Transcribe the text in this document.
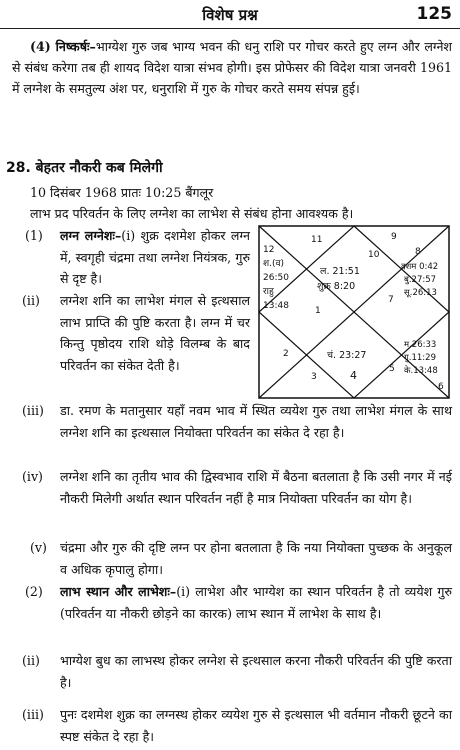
विशेष प्रश्न	125
(4) निष्कर्षः–भाग्येश गुरु जब भाग्य भवन की धनु राशि पर गोचर करते हुए लग्न और लग्नेश से संबंध करेगा तब ही शायद विदेश यात्रा संभव होगी। इस प्रोफेसर की विदेश यात्रा जनवरी 1961 में लग्नेश के समतुल्य अंश पर, धनुराशि में गुरु के गोचर करते समय संपन्न हुई।
28. बेहतर नौकरी कब मिलेगी
10 दिसंबर 1968 प्रातः 10:25 बैंगलूर
लाभ प्रद परिवर्तन के लिए लग्नेश का लाभेश से संबंध होना आवश्यक है।
(1) लग्न लग्नेशः–(i) शुक्र दशमेश होकर लग्न में, स्वगृही चंद्रमा तथा लग्नेश नियंत्रक, गुरु से दृष्ट है।
(ii) लग्नेश शनि का लाभेश मंगल से इत्थसाल लाभ प्राप्ति की पुष्टि करता है। लग्न में चर किन्तु पृष्ठोदय राशि थोड़े विलम्ब के बाद परिवर्तन का संकेत देती है।
12
श.(व)
26:50
राहु
13:48
11
10
9
8
दशम 0:42
बु.27:57
सू.26:13
ल. 21:51
शुक्र 8:20
1
7
2	चं. 23:27
4
3
5
म.26:33
गु.11:29
के.13:48
6
(iii) डा. रमण के मतानुसार यहाँ नवम भाव में स्थित व्ययेश गुरु तथा लाभेश मंगल के साथ लग्नेश शनि का इत्थसाल नियोक्ता परिवर्तन का संकेत दे रहा है।
(iv) लग्नेश शनि का तृतीय भाव की द्विस्वभाव राशि में बैठना बतलाता है कि उसी नगर में नई नौकरी मिलेगी अर्थात स्थान परिवर्तन नहीं है मात्र नियोक्ता परिवर्तन का योग है।
(v) चंद्रमा और गुरु की दृष्टि लग्न पर होना बतलाता है कि नया नियोक्ता पुच्छक के अनुकूल व अधिक कृपालु होगा।
(2) लाभ स्थान और लाभेशः–(i) लाभेश और भाग्येश का स्थान परिवर्तन है तो व्ययेश गुरु (परिवर्तन या नौकरी छोड़ने का कारक) लाभ स्थान में लाभेश के साथ है।
(ii) भाग्येश बुध का लाभस्थ होकर लग्नेश से इत्थसाल करना नौकरी परिवर्तन की पुष्टि करता है।
(iii) पुनः दशमेश शुक्र का लग्नस्थ होकर व्ययेश गुरु से इत्थसाल भी वर्तमान नौकरी छूटने का स्पष्ट संकेत दे रहा है।
